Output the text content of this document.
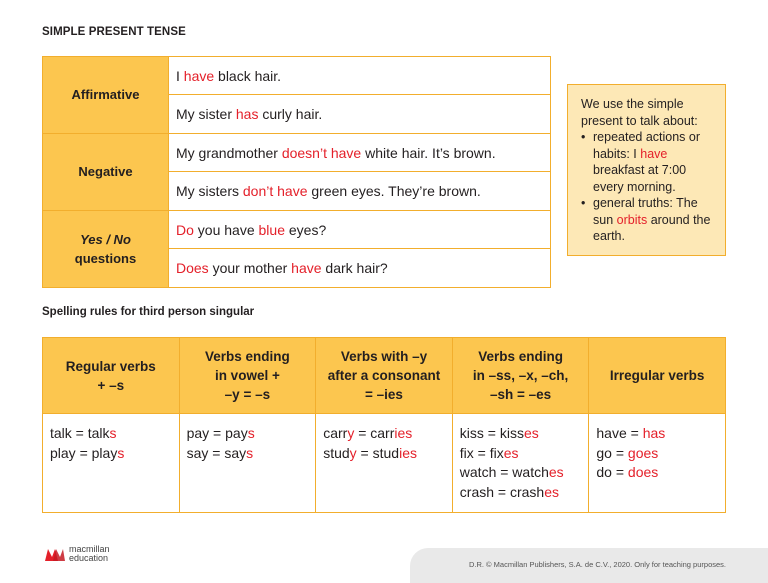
SIMPLE PRESENT TENSE
Affirmative
I have black hair.
My sister has curly hair.
Negative
My grandmother doesn’t have white hair. It’s brown.
My sisters don’t have green eyes. They’re brown.
Yes / No
questions
Do you have blue eyes?
Does your mother have dark hair?
We use the simple present to talk about:
• repeated actions or habits: I have breakfast at 7:00 every morning.
• general truths: The sun orbits around the earth.
Spelling rules for third person singular
Regular verbs
+ –s
talk = talks
play = plays
Verbs ending
in vowel +
–y = –s
pay = pays
say = says
Verbs with –y
after a consonant
= –ies
carry = carries
study = studies
Verbs ending
in –ss, –x, –ch,
–sh = –es
kiss = kisses
fix = fixes
watch = watches
crash = crashes
Irregular verbs
have = has
go = goes
do = does
D.R. © Macmillan Publishers, S.A. de C.V., 2020. Only for teaching purposes.
macmillan
education
